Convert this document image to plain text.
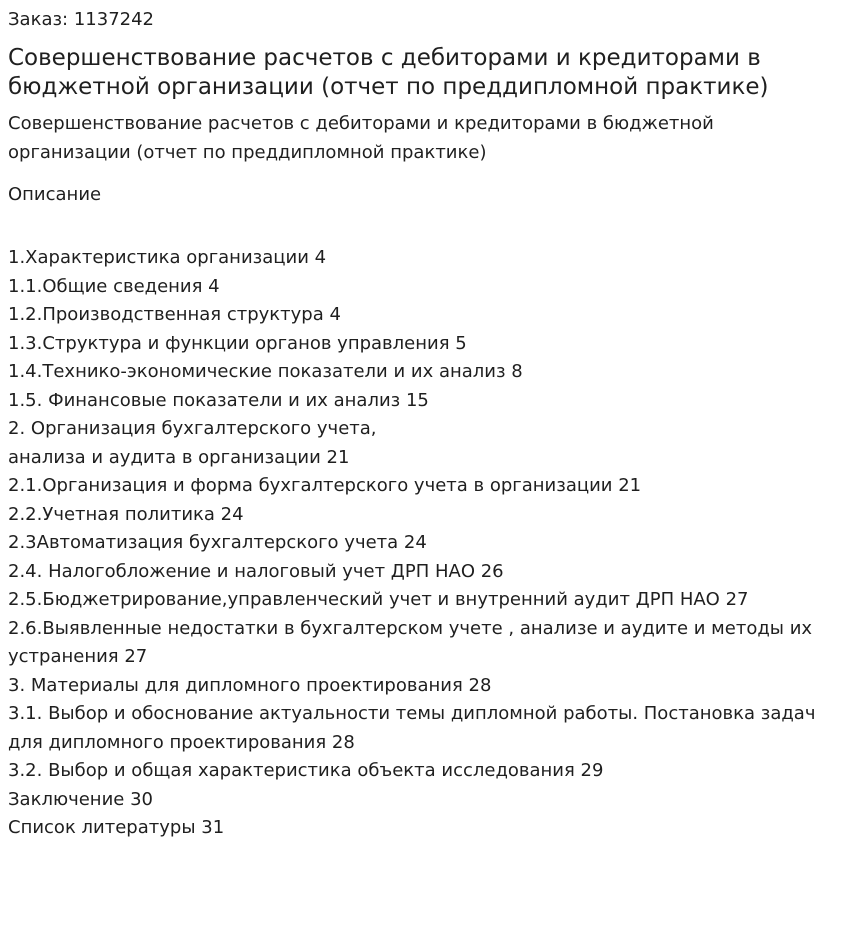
Заказ: 1137242

Совершенствование расчетов с дебиторами и кредиторами в бюджетной организации (отчет по преддипломной практике)

Совершенствование расчетов с дебиторами и кредиторами в бюджетной организации (отчет по преддипломной практике)

Описание
1.Характеристика организации 4
1.1.Общие сведения 4
1.2.Производственная структура 4
1.3.Структура и функции органов управления 5
1.4.Технико-экономические показатели и их анализ 8
1.5. Финансовые показатели и их анализ 15
2. Организация бухгалтерского учета,
анализа и аудита в организации 21
2.1.Организация и форма бухгалтерского учета в организации 21
2.2.Учетная политика 24
2.3Автоматизация бухгалтерского учета 24
2.4. Налогобложение и налоговый учет ДРП НАО 26
2.5.Бюджетрирование,управленческий учет и внутренний аудит ДРП НАО 27
2.6.Выявленные недостатки в бухгалтерском учете , анализе и аудите и методы их устранения 27
3. Материалы для дипломного проектирования 28
3.1. Выбор и обоснование актуальности темы дипломной работы. Постановка задач для дипломного проектирования 28
3.2. Выбор и общая характеристика объекта исследования 29
Заключение 30
Список литературы 31
